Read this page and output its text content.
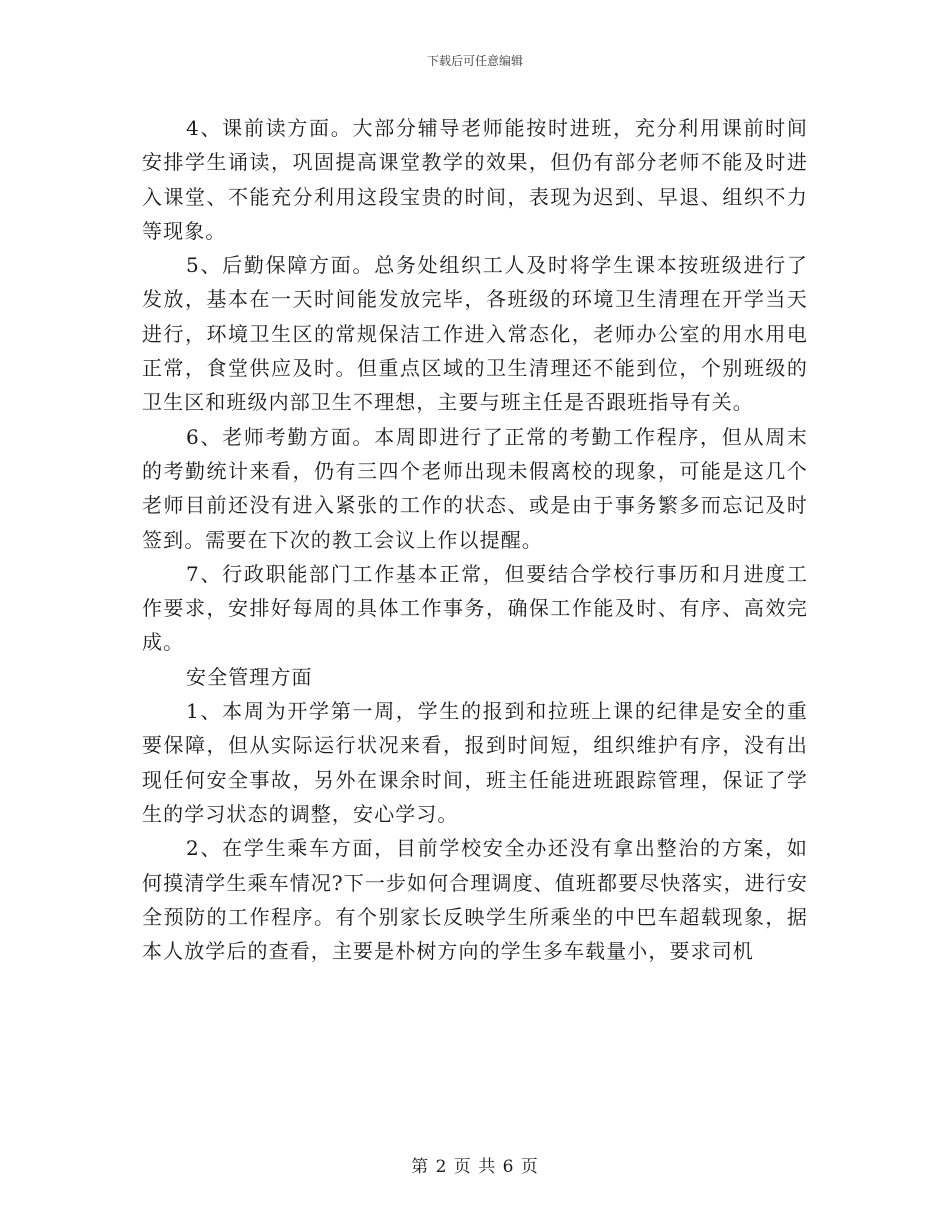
下载后可任意编辑

4、课前读方面。大部分辅导老师能按时进班，充分利用课前时间安排学生诵读，巩固提高课堂教学的效果，但仍有部分老师不能及时进入课堂、不能充分利用这段宝贵的时间，表现为迟到、早退、组织不力等现象。

5、后勤保障方面。总务处组织工人及时将学生课本按班级进行了发放，基本在一天时间能发放完毕，各班级的环境卫生清理在开学当天进行，环境卫生区的常规保洁工作进入常态化，老师办公室的用水用电正常，食堂供应及时。但重点区域的卫生清理还不能到位，个别班级的卫生区和班级内部卫生不理想，主要与班主任是否跟班指导有关。

6、老师考勤方面。本周即进行了正常的考勤工作程序，但从周末的考勤统计来看，仍有三四个老师出现未假离校的现象，可能是这几个老师目前还没有进入紧张的工作的状态、或是由于事务繁多而忘记及时签到。需要在下次的教工会议上作以提醒。

7、行政职能部门工作基本正常，但要结合学校行事历和月进度工作要求，安排好每周的具体工作事务，确保工作能及时、有序、高效完成。

安全管理方面

1、本周为开学第一周，学生的报到和拉班上课的纪律是安全的重要保障，但从实际运行状况来看，报到时间短，组织维护有序，没有出现任何安全事故，另外在课余时间，班主任能进班跟踪管理，保证了学生的学习状态的调整，安心学习。

2、在学生乘车方面，目前学校安全办还没有拿出整治的方案，如何摸清学生乘车情况?下一步如何合理调度、值班都要尽快落实，进行安全预防的工作程序。有个别家长反映学生所乘坐的中巴车超载现象，据本人放学后的查看，主要是朴树方向的学生多车载量小，要求司机

第 2 页 共 6 页
